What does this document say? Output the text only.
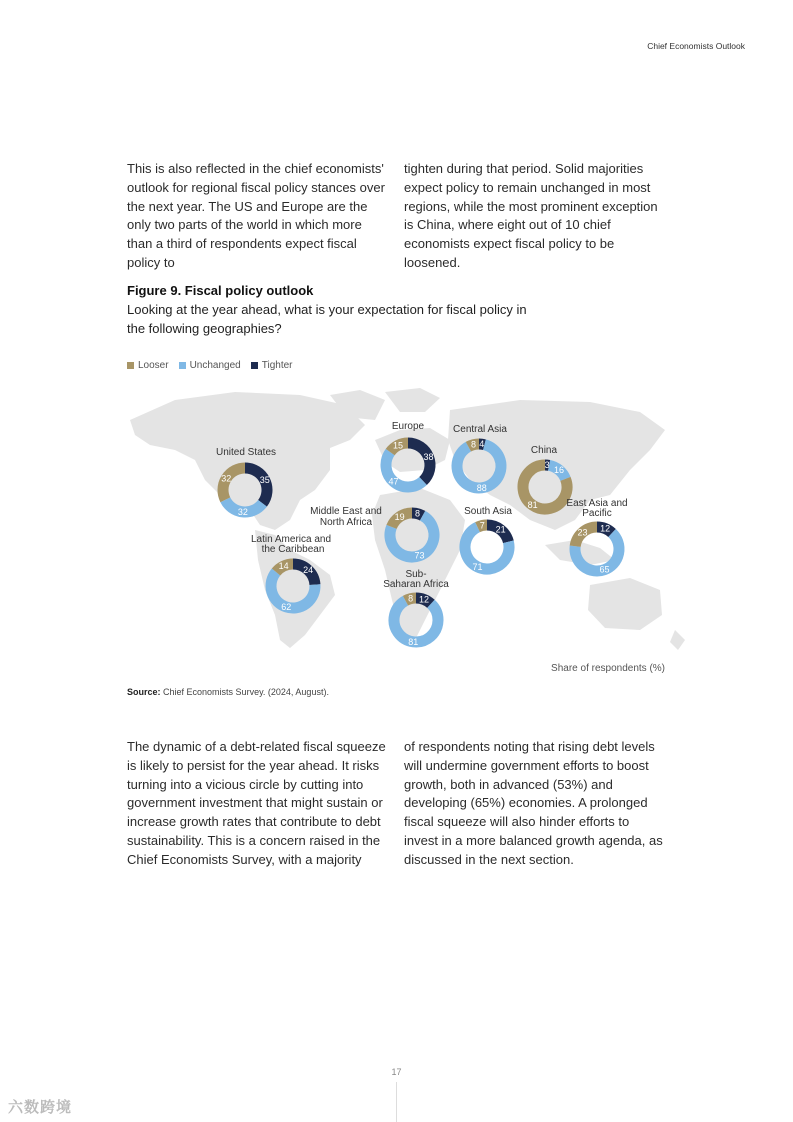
Chief Economists Outlook
This is also reflected in the chief economists' outlook for regional fiscal policy stances over the next year. The US and Europe are the only two parts of the world in which more than a third of respondents expect fiscal policy to
tighten during that period. Solid majorities expect policy to remain unchanged in most regions, while the most prominent exception is China, where eight out of 10 chief economists expect fiscal policy to be loosened.
Figure 9. Fiscal policy outlook
Looking at the year ahead, what is your expectation for fiscal policy in the following geographies?
Looser Unchanged Tighter
United States
35
32
32
Europe
38
47
15
Central Asia
4
88
8
China
3 16
81
Middle East and
North Africa
8
73
19	South Asia
21
71
7
East Asia and
Pacific
12
65
23
Latin America and
the Caribbean
24
62
14
Sub-
Saharan Africa
12
81
8
Share of respondents (%)
Source: Chief Economists Survey. (2024, August).
The dynamic of a debt-related fiscal squeeze is likely to persist for the year ahead. It risks turning into a vicious circle by cutting into government investment that might sustain or increase growth rates that contribute to debt sustainability. This is a concern raised in the Chief Economists Survey, with a majority
of respondents noting that rising debt levels will undermine government efforts to boost growth, both in advanced (53%) and developing (65%) economies. A prolonged fiscal squeeze will also hinder efforts to invest in a more balanced growth agenda, as discussed in the next section.
17
六数跨境
